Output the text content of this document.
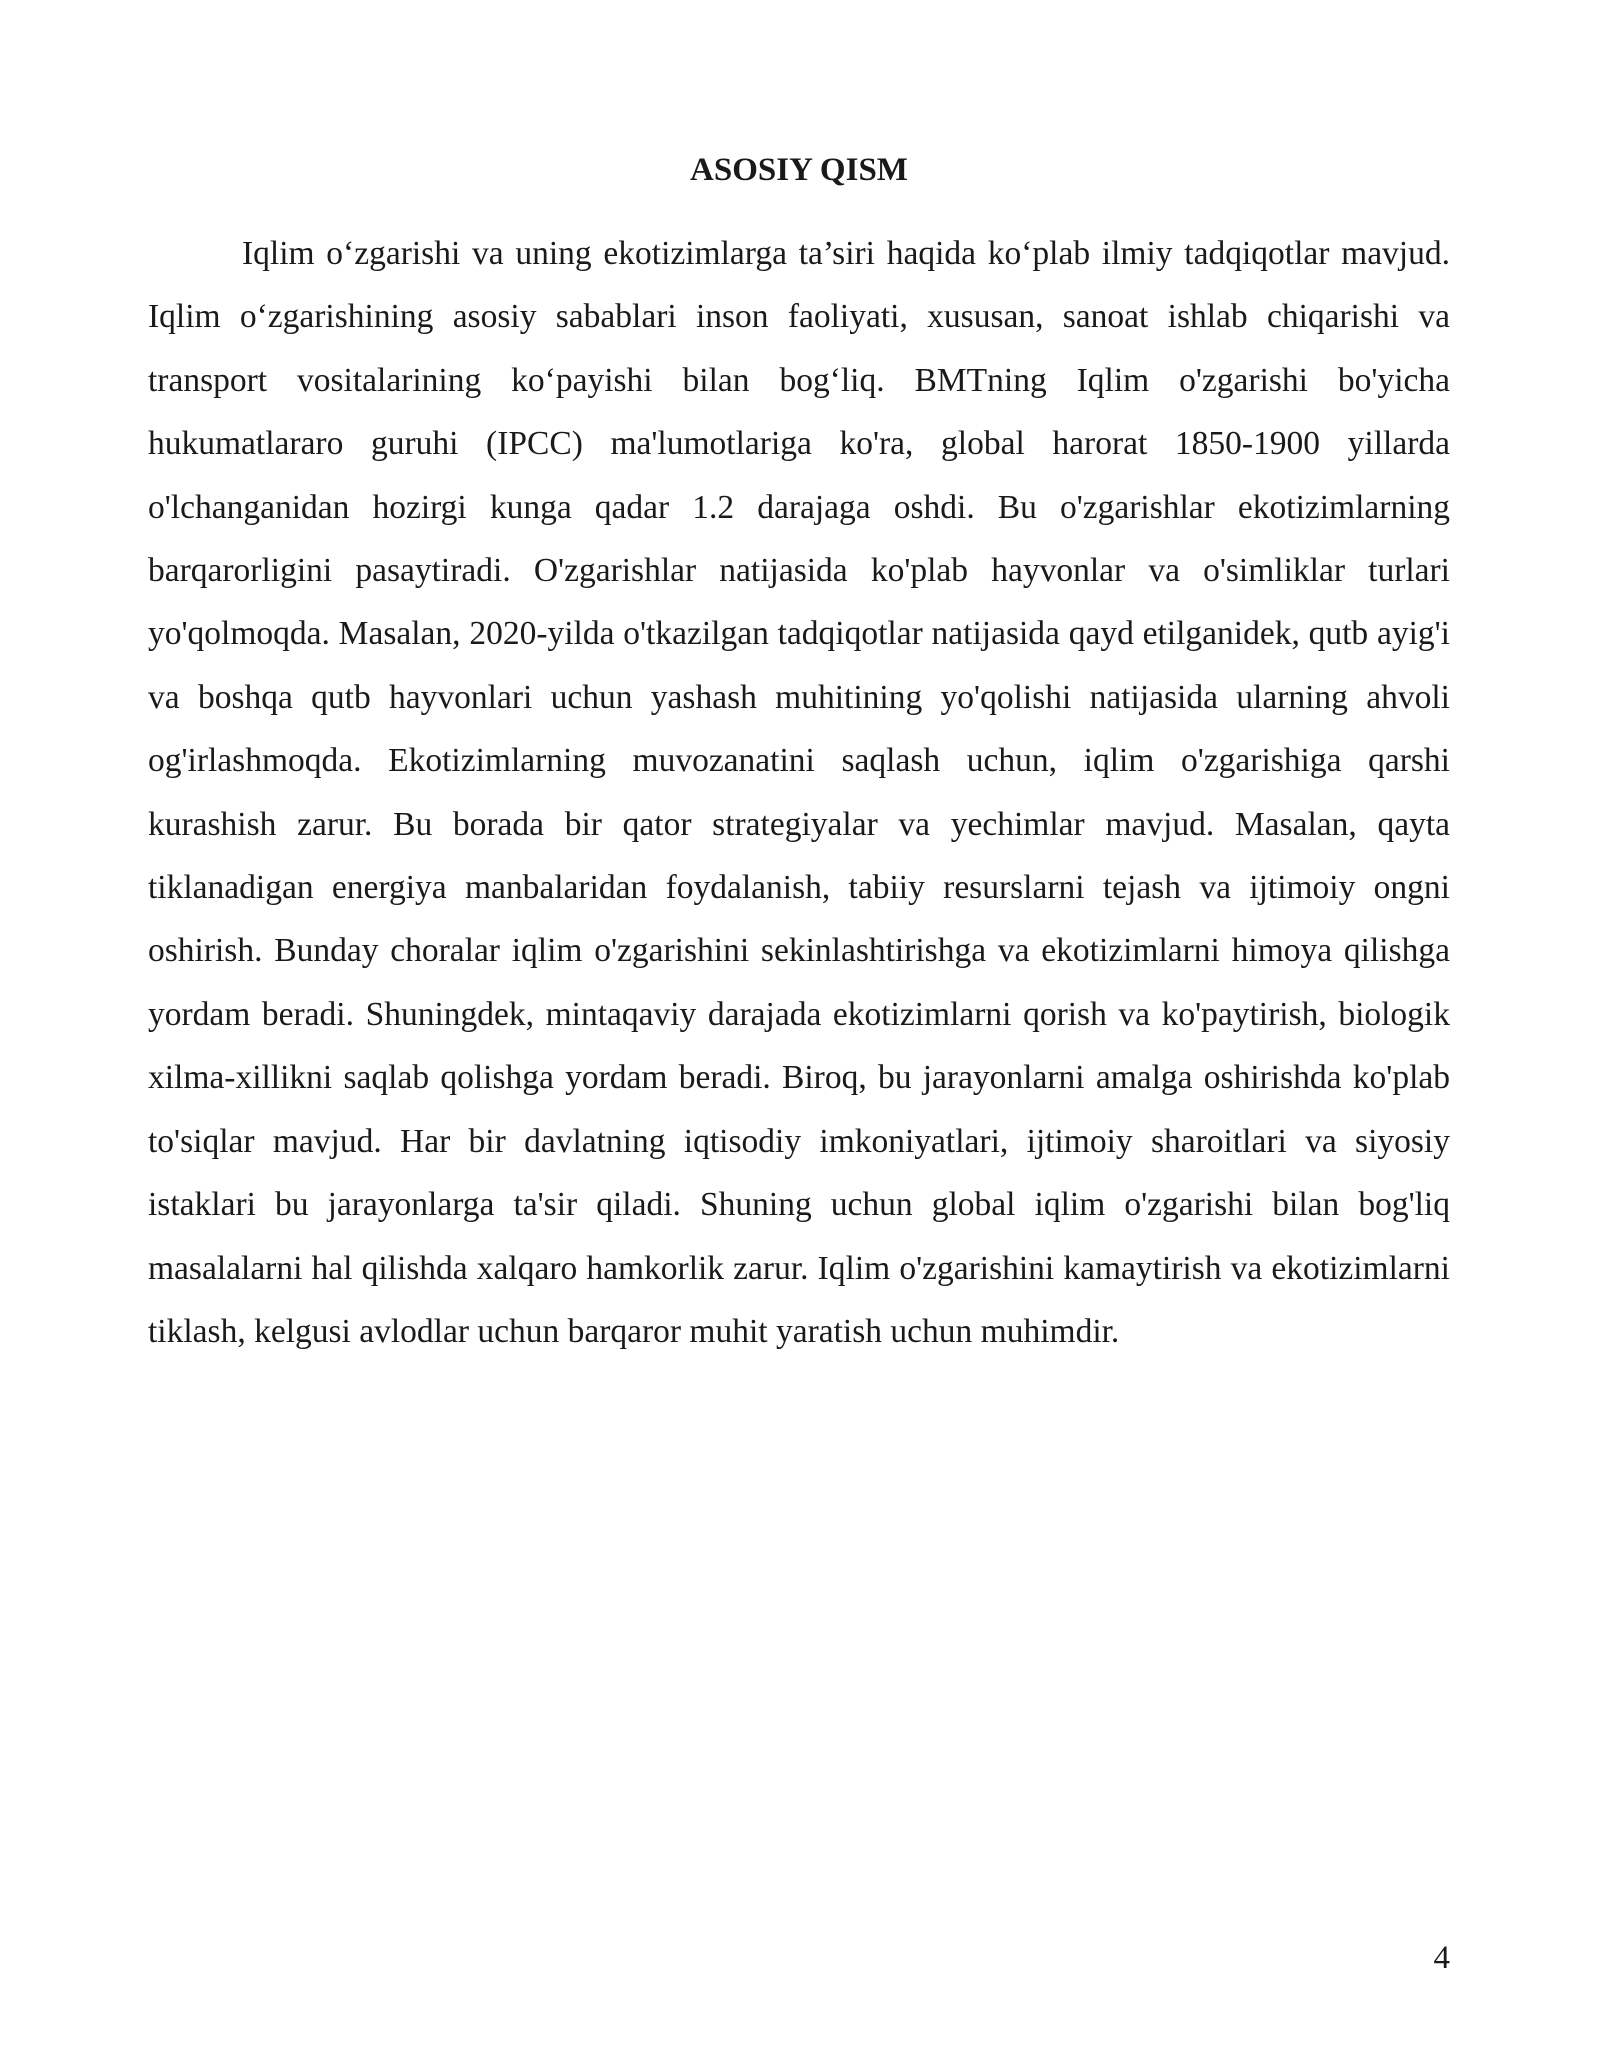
ASOSIY QISM

Iqlim o‘zgarishi va uning ekotizimlarga ta’siri haqida ko‘plab ilmiy tadqiqotlar mavjud. Iqlim o‘zgarishining asosiy sabablari inson faoliyati, xususan, sanoat ishlab chiqarishi va transport vositalarining ko‘payishi bilan bog‘liq. BMTning Iqlim o'zgarishi bo'yicha hukumatlararo guruhi (IPCC) ma'lumotlariga ko'ra, global harorat 1850-1900 yillarda o'lchanganidan hozirgi kunga qadar 1.2 darajaga oshdi. Bu o'zgarishlar ekotizimlarning barqarorligini pasaytiradi. O'zgarishlar natijasida ko'plab hayvonlar va o'simliklar turlari yo'qolmoqda. Masalan, 2020-yilda o'tkazilgan tadqiqotlar natijasida qayd etilganidek, qutb ayig'i va boshqa qutb hayvonlari uchun yashash muhitining yo'qolishi natijasida ularning ahvoli og'irlashmoqda. Ekotizimlarning muvozanatini saqlash uchun, iqlim o'zgarishiga qarshi kurashish zarur. Bu borada bir qator strategiyalar va yechimlar mavjud. Masalan, qayta tiklanadigan energiya manbalaridan foydalanish, tabiiy resurslarni tejash va ijtimoiy ongni oshirish. Bunday choralar iqlim o'zgarishini sekinlashtirishga va ekotizimlarni himoya qilishga yordam beradi. Shuningdek, mintaqaviy darajada ekotizimlarni qorish va ko'paytirish, biologik xilma-xillikni saqlab qolishga yordam beradi. Biroq, bu jarayonlarni amalga oshirishda ko'plab to'siqlar mavjud. Har bir davlatning iqtisodiy imkoniyatlari, ijtimoiy sharoitlari va siyosiy istaklari bu jarayonlarga ta'sir qiladi. Shuning uchun global iqlim o'zgarishi bilan bog'liq masalalarni hal qilishda xalqaro hamkorlik zarur. Iqlim o'zgarishini kamaytirish va ekotizimlarni tiklash, kelgusi avlodlar uchun barqaror muhit yaratish uchun muhimdir.

4
